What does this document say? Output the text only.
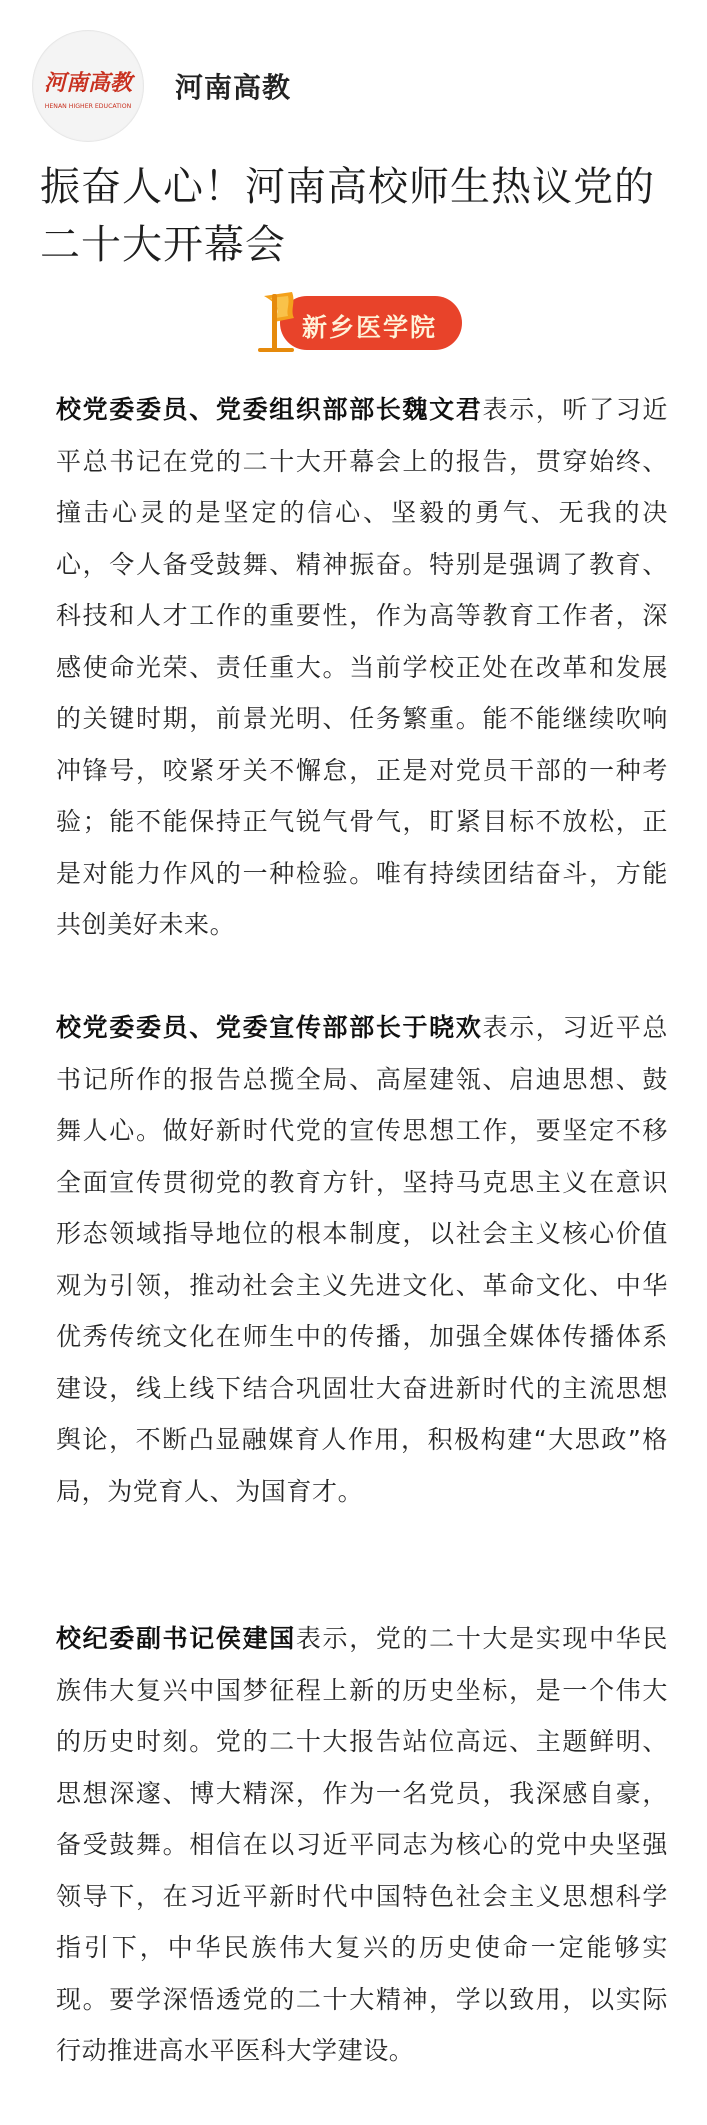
河南高教
HENAN HIGHER EDUCATION
河南高教
振奋人心！河南高校师生热议党的二十大开幕会
新乡医学院
校党委委员、党委组织部部长魏文君表示，听了习近平总书记在党的二十大开幕会上的报告，贯穿始终、撞击心灵的是坚定的信心、坚毅的勇气、无我的决心，令人备受鼓舞、精神振奋。特别是强调了教育、科技和人才工作的重要性，作为高等教育工作者，深感使命光荣、责任重大。当前学校正处在改革和发展的关键时期，前景光明、任务繁重。能不能继续吹响冲锋号，咬紧牙关不懈怠，正是对党员干部的一种考验；能不能保持正气锐气骨气，盯紧目标不放松，正是对能力作风的一种检验。唯有持续团结奋斗，方能共创美好未来。
校党委委员、党委宣传部部长于晓欢表示，习近平总书记所作的报告总揽全局、高屋建瓴、启迪思想、鼓舞人心。做好新时代党的宣传思想工作，要坚定不移全面宣传贯彻党的教育方针，坚持马克思主义在意识形态领域指导地位的根本制度，以社会主义核心价值观为引领，推动社会主义先进文化、革命文化、中华优秀传统文化在师生中的传播，加强全媒体传播体系建设，线上线下结合巩固壮大奋进新时代的主流思想舆论，不断凸显融媒育人作用，积极构建“大思政”格局，为党育人、为国育才。
校纪委副书记侯建国表示，党的二十大是实现中华民族伟大复兴中国梦征程上新的历史坐标，是一个伟大的历史时刻。党的二十大报告站位高远、主题鲜明、思想深邃、博大精深，作为一名党员，我深感自豪，备受鼓舞。相信在以习近平同志为核心的党中央坚强领导下，在习近平新时代中国特色社会主义思想科学指引下，中华民族伟大复兴的历史使命一定能够实现。要学深悟透党的二十大精神，学以致用，以实际行动推进高水平医科大学建设。
